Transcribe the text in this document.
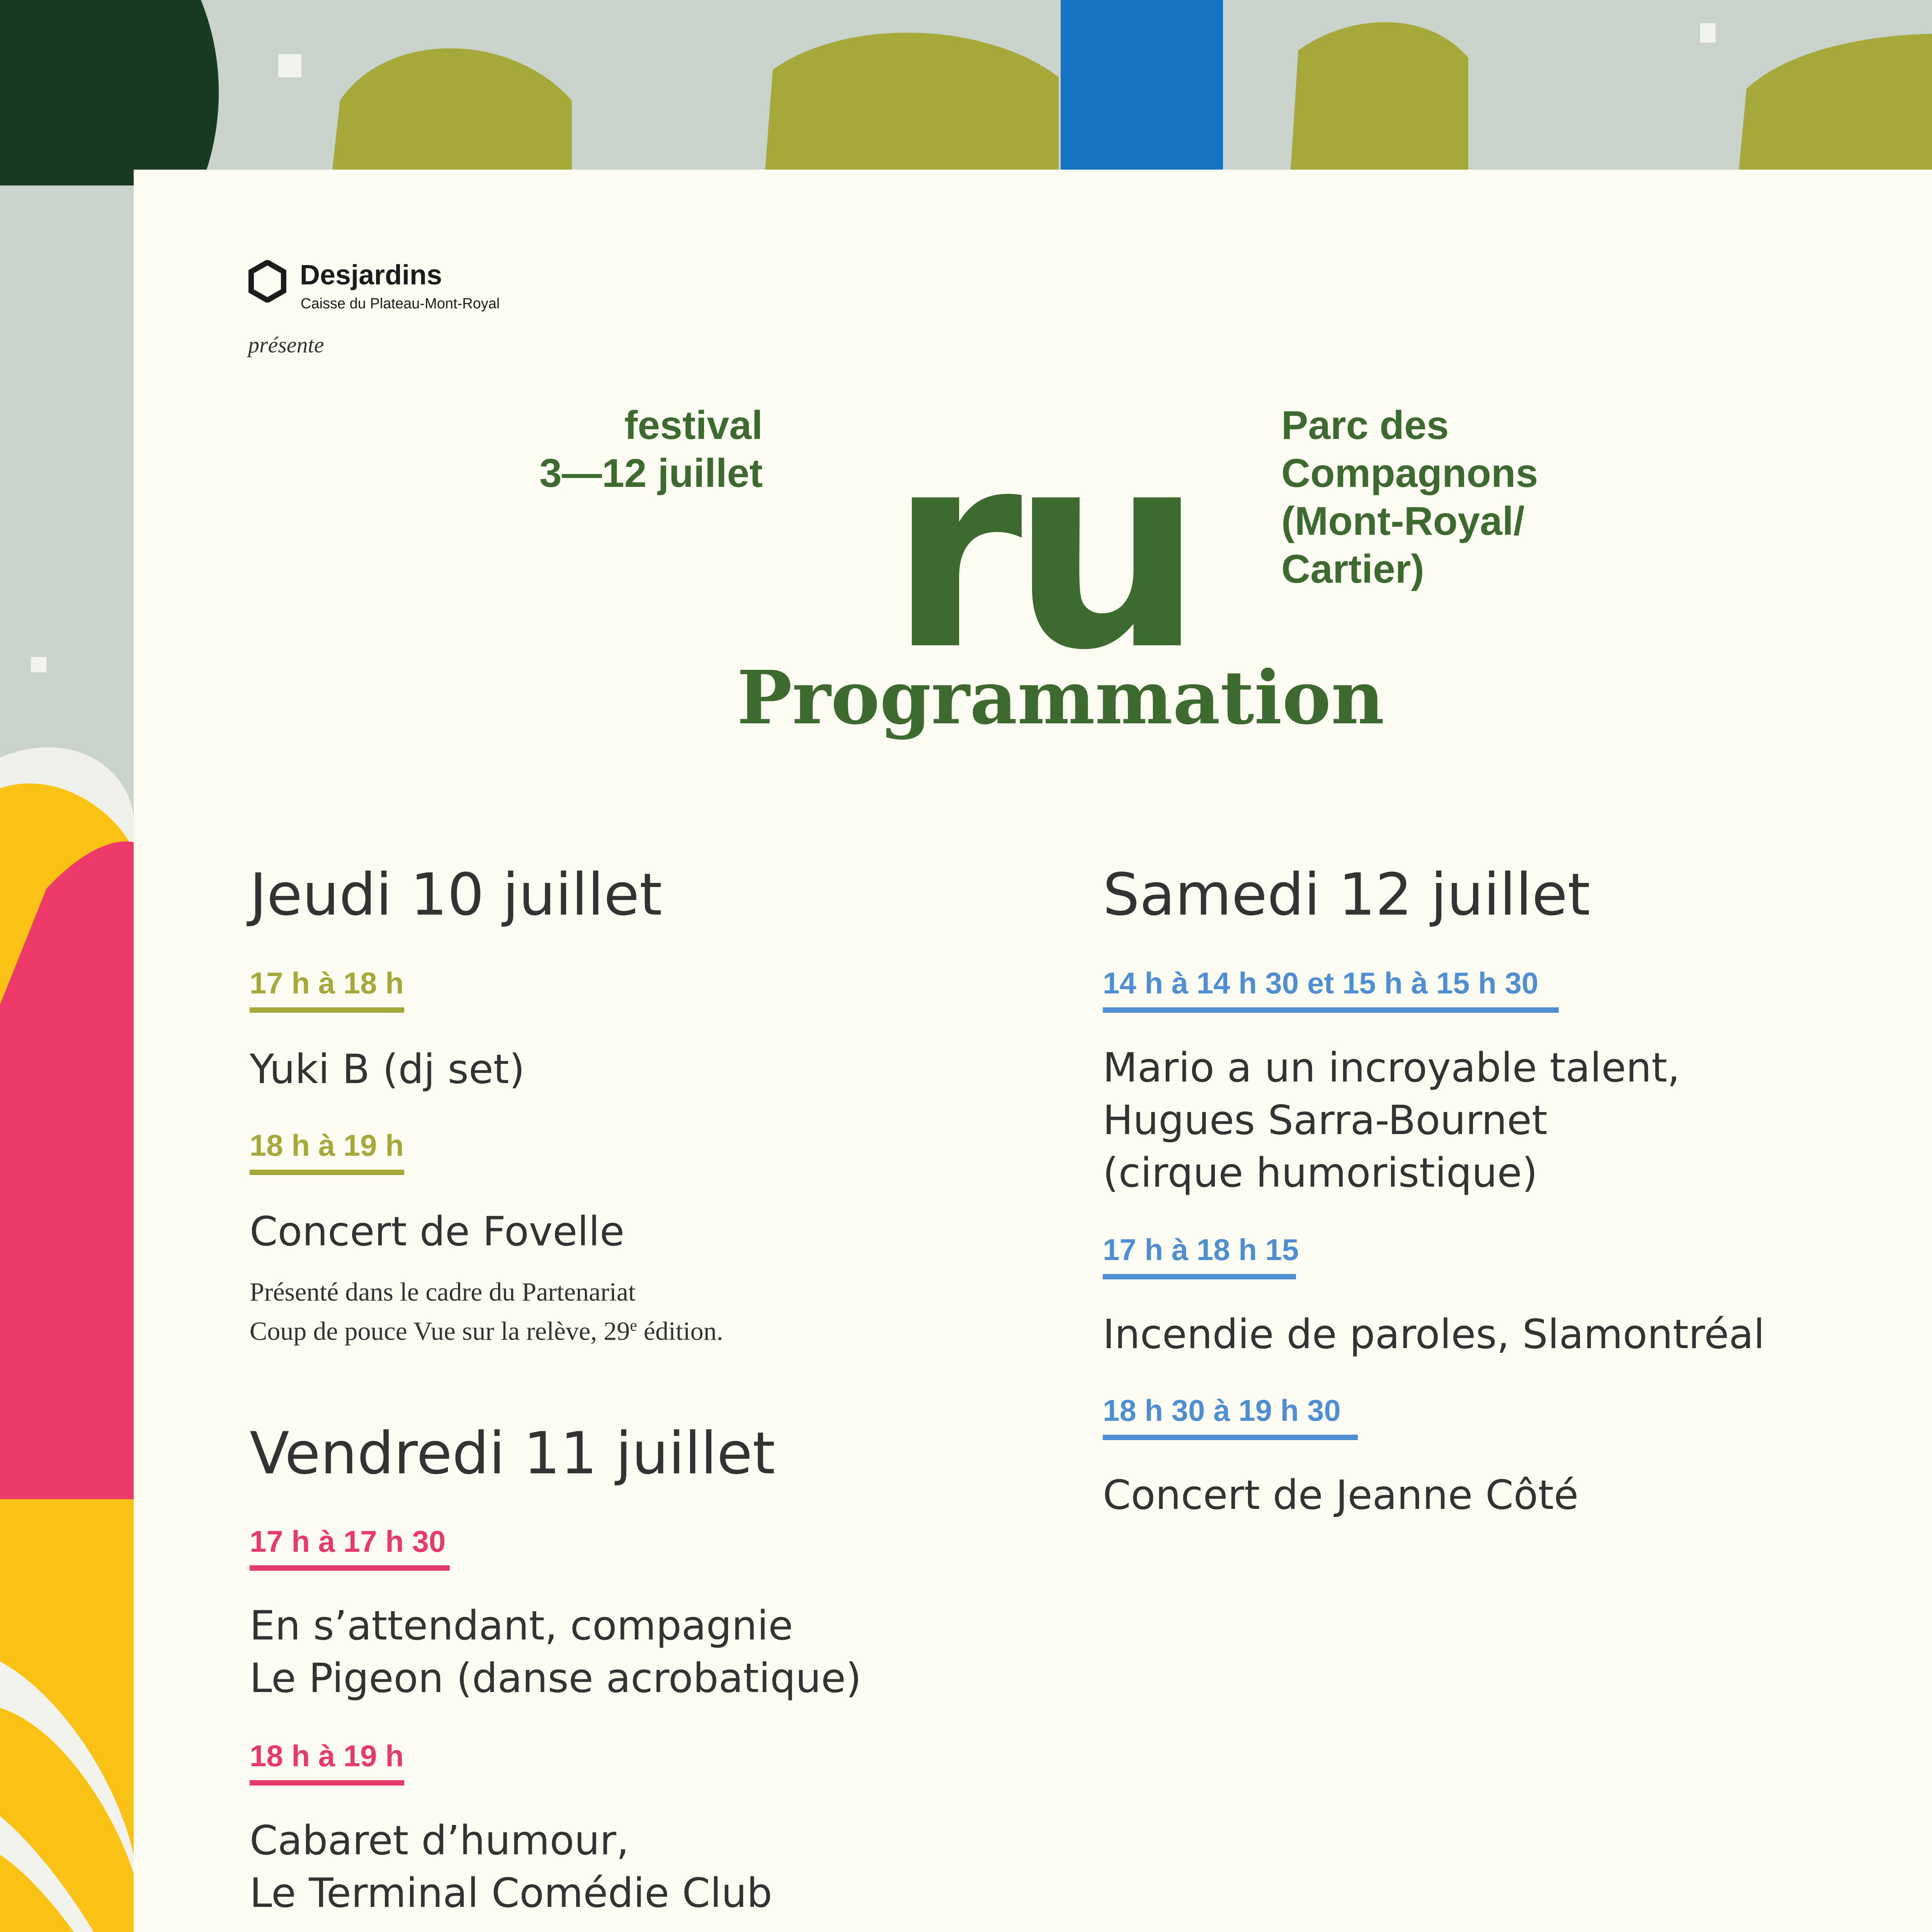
Desjardins
Caisse du Plateau-Mont-Royal
présente
festival
3—12 juillet ru Parc des
Compagnons
(Mont-Royal/
Cartier)
Programmation
Jeudi 10 juillet
17 h à 18 h
Yuki B (dj set)
18 h à 19 h
Concert de Fovelle
Présenté dans le cadre du Partenariat
Coup de pouce Vue sur la relève, 29e édition.
Vendredi 11 juillet
17 h à 17 h 30
En s’attendant, compagnie
Le Pigeon (danse acrobatique)
18 h à 19 h
Cabaret d’humour,
Le Terminal Comédie Club
Samedi 12 juillet
14 h à 14 h 30 et 15 h à 15 h 30
Mario a un incroyable talent,
Hugues Sarra-Bournet
(cirque humoristique)
17 h à 18 h 15
Incendie de paroles, Slamontréal
18 h 30 à 19 h 30
Concert de Jeanne Côté
